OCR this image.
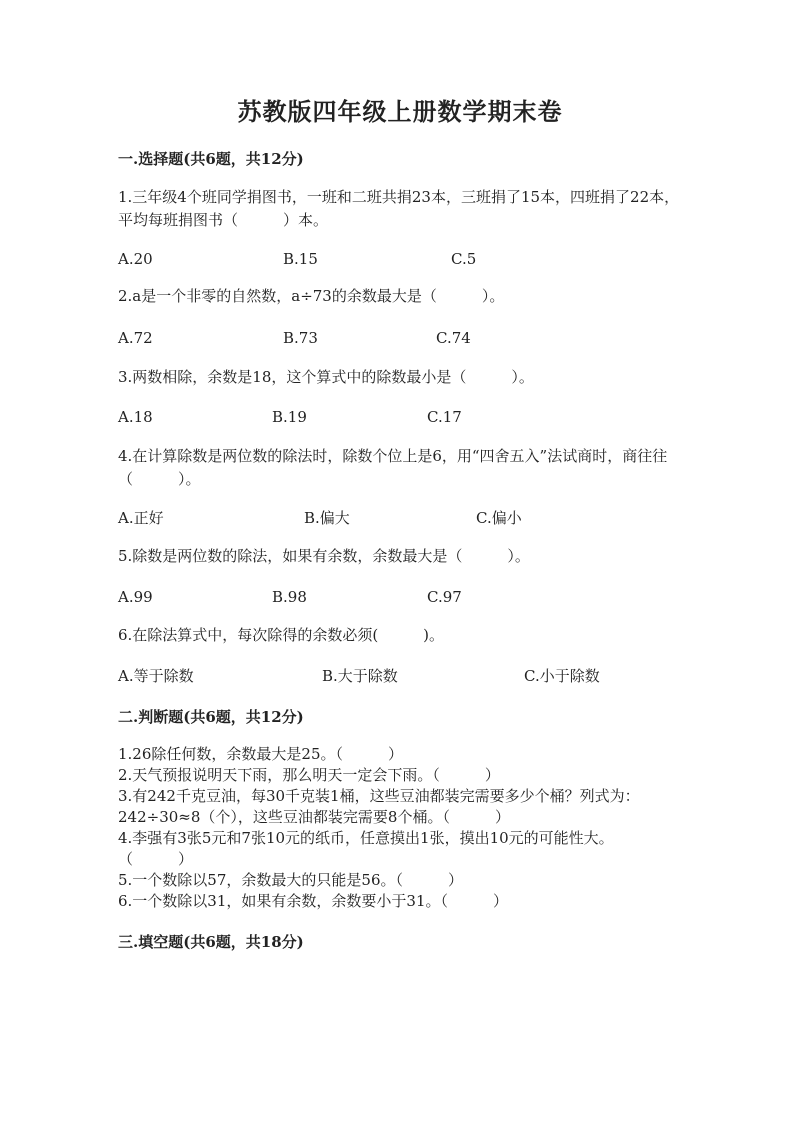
苏教版四年级上册数学期末卷
一.选择题(共6题，共12分)
1.三年级4个班同学捐图书，一班和二班共捐23本，三班捐了15本，四班捐了22本，平均每班捐图书（　　　）本。
A.20	B.15	C.5
2.a是一个非零的自然数，a÷73的余数最大是（　　　）。
A.72	B.73	C.74
3.两数相除，余数是18，这个算式中的除数最小是（　　　）。
A.18	B.19	C.17
4.在计算除数是两位数的除法时，除数个位上是6，用“四舍五入”法试商时，商往往（　　　）。
A.正好	B.偏大	C.偏小
5.除数是两位数的除法，如果有余数，余数最大是（　　　）。
A.99	B.98	C.97
6.在除法算式中，每次除得的余数必须(　　　)。
A.等于除数	B.大于除数	C.小于除数
二.判断题(共6题，共12分)
1.26除任何数，余数最大是25。（　　　）
2.天气预报说明天下雨，那么明天一定会下雨。（　　　）
3.有242千克豆油，每30千克装1桶，这些豆油都装完需要多少个桶？列式为：242÷30≈8（个），这些豆油都装完需要8个桶。（　　　）
4.李强有3张5元和7张10元的纸币，任意摸出1张，摸出10元的可能性大。　　（　　　）
5.一个数除以57，余数最大的只能是56。（　　　）
6.一个数除以31，如果有余数，余数要小于31。（　　　）
三.填空题(共6题，共18分)
